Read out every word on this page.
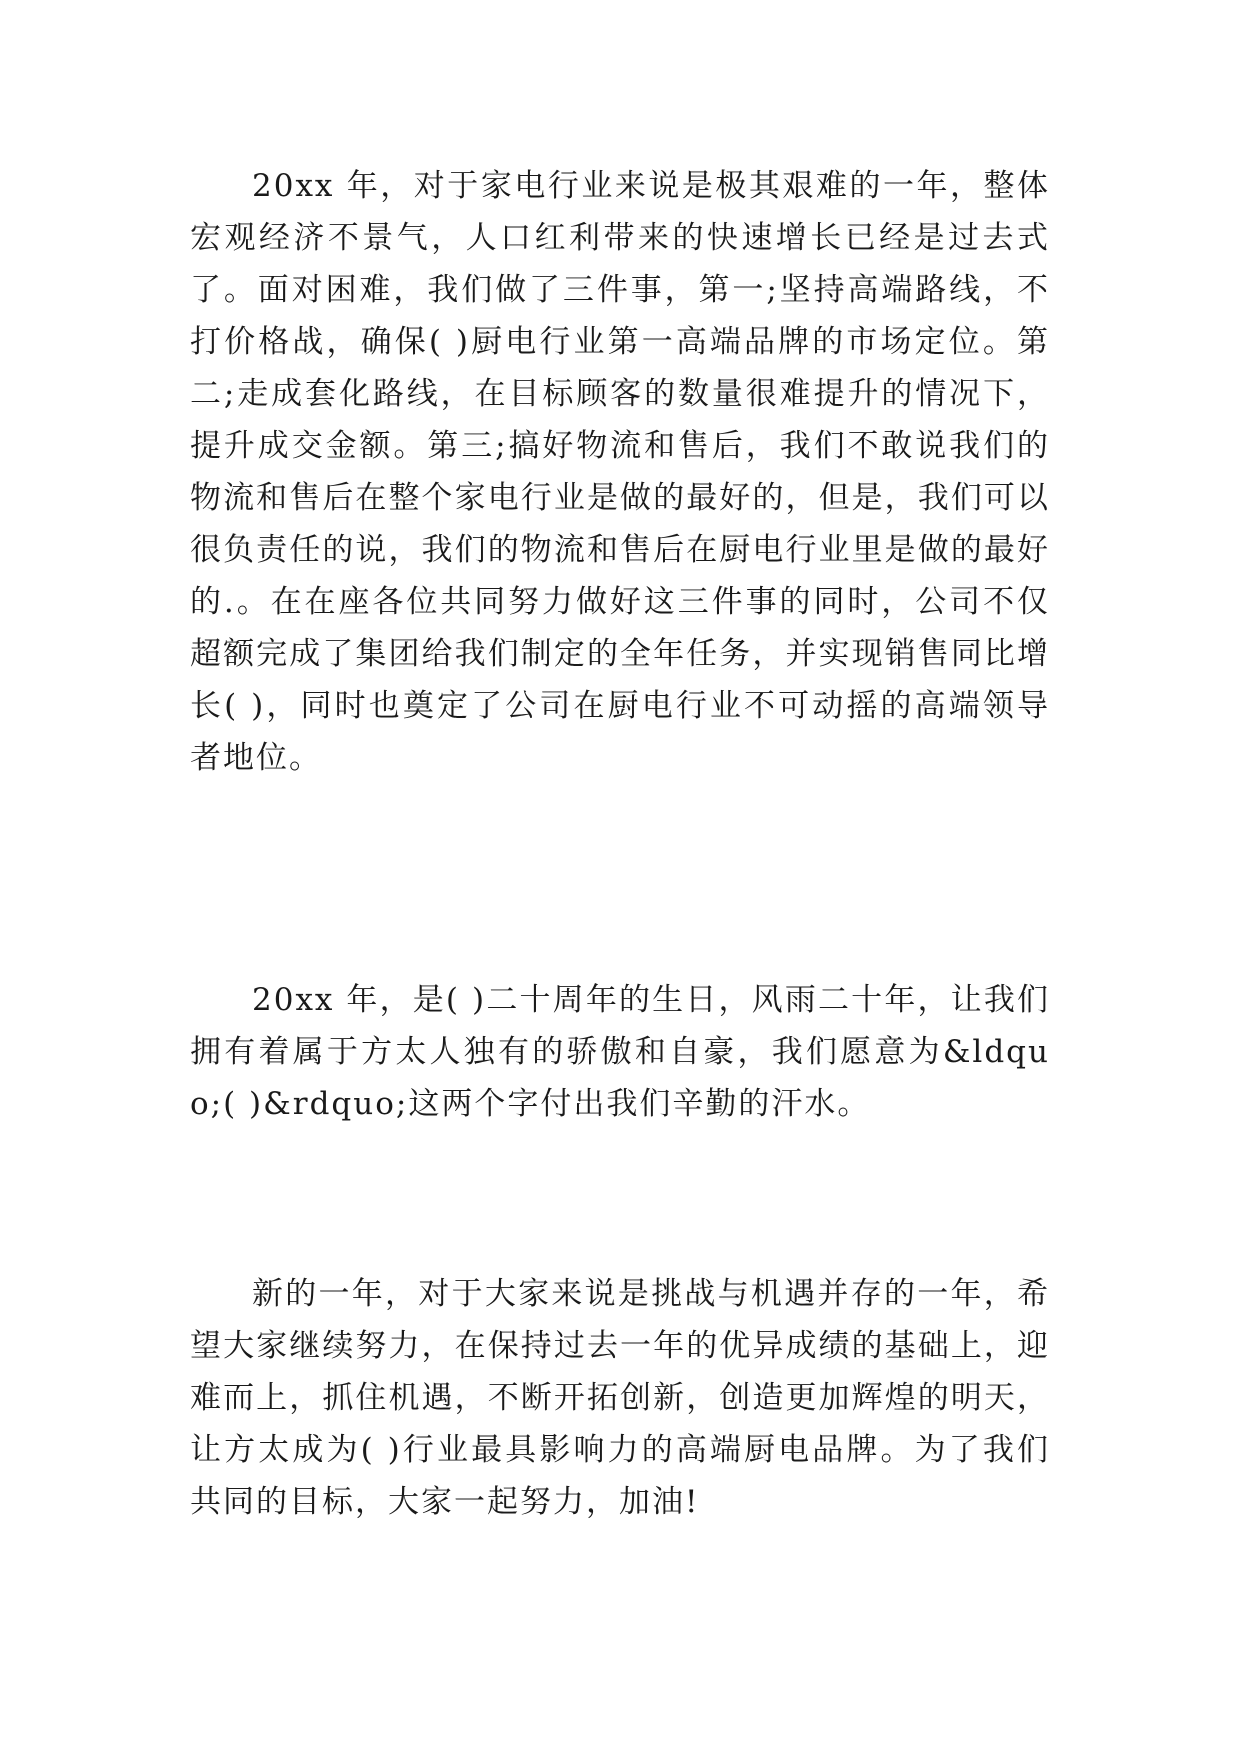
20xx 年，对于家电行业来说是极其艰难的一年，整体宏观经济不景气，人口红利带来的快速增长已经是过去式了。面对困难，我们做了三件事，第一;坚持高端路线，不打价格战，确保( )厨电行业第一高端品牌的市场定位。第二;走成套化路线，在目标顾客的数量很难提升的情况下，提升成交金额。第三;搞好物流和售后，我们不敢说我们的物流和售后在整个家电行业是做的最好的，但是，我们可以很负责任的说，我们的物流和售后在厨电行业里是做的最好的.。在在座各位共同努力做好这三件事的同时，公司不仅超额完成了集团给我们制定的全年任务，并实现销售同比增长( )，同时也奠定了公司在厨电行业不可动摇的高端领导者地位。

20xx 年，是( )二十周年的生日，风雨二十年，让我们拥有着属于方太人独有的骄傲和自豪，我们愿意为&ldquo;( )&rdquo;这两个字付出我们辛勤的汗水。

新的一年，对于大家来说是挑战与机遇并存的一年，希望大家继续努力，在保持过去一年的优异成绩的基础上，迎难而上，抓住机遇，不断开拓创新，创造更加辉煌的明天，让方太成为( )行业最具影响力的高端厨电品牌。为了我们共同的目标，大家一起努力，加油!
